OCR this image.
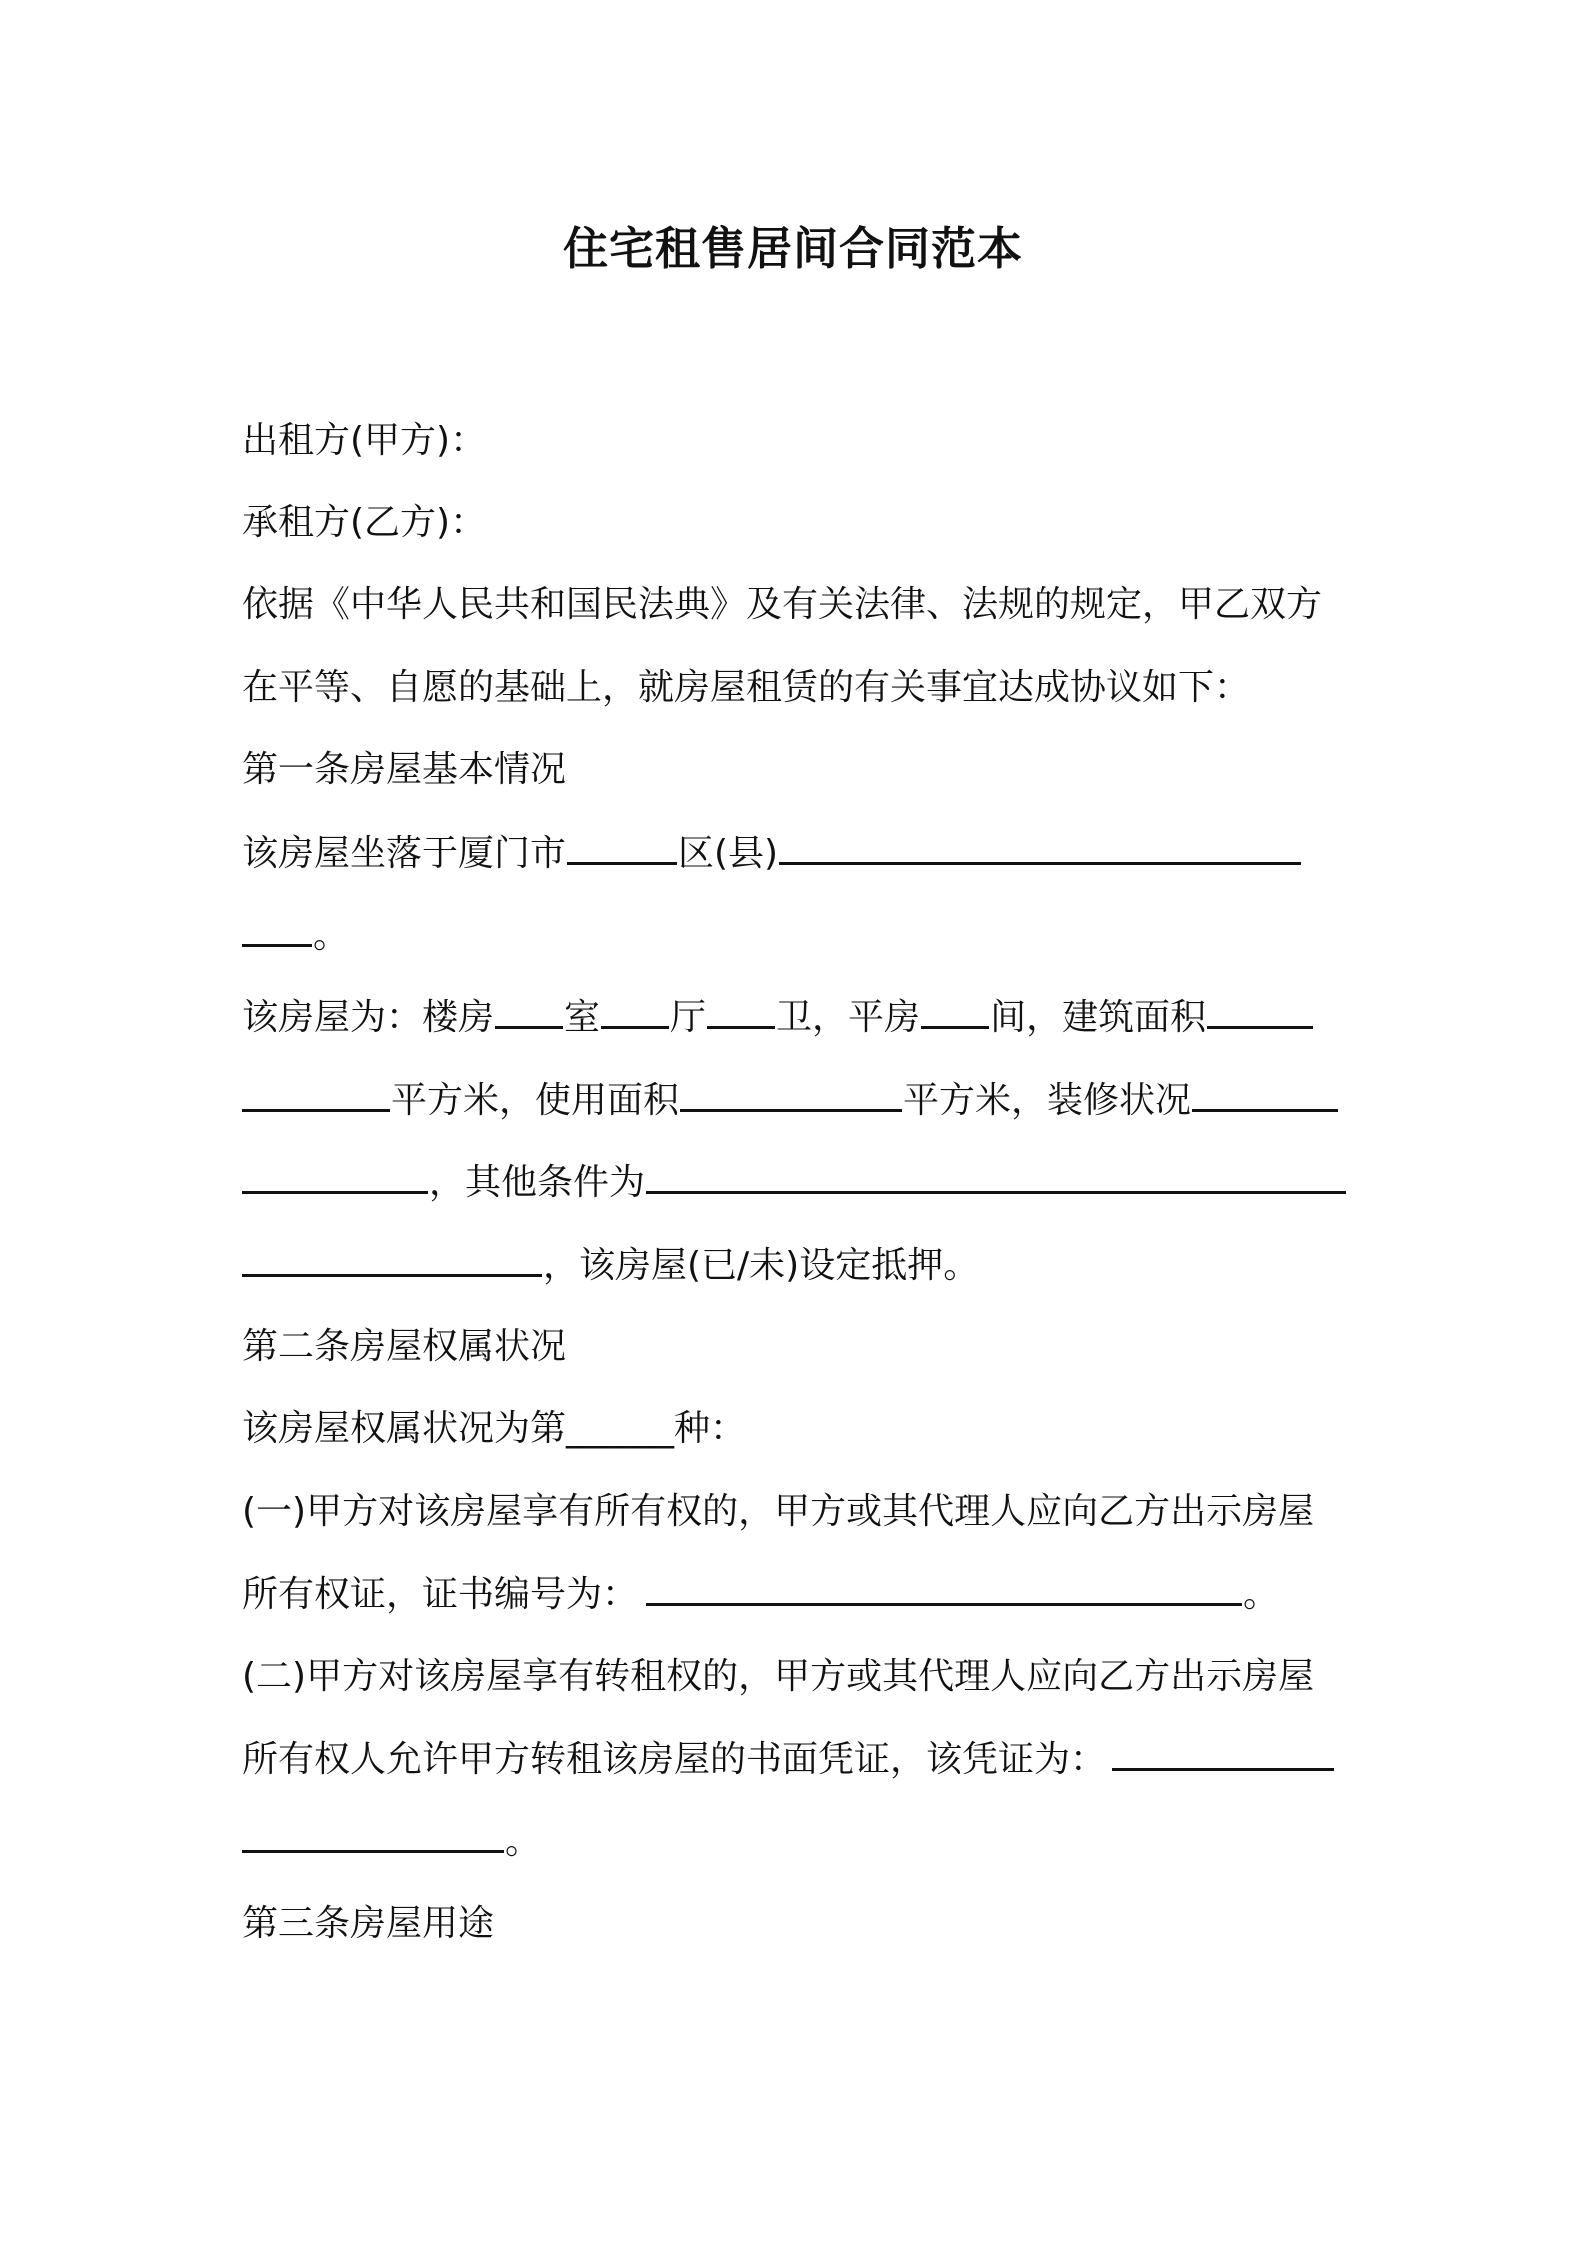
住宅租售居间合同范本
出租方(甲方)：
承租方(乙方)：
依据《中华人民共和国民法典》及有关法律、法规的规定，甲乙双方
在平等、自愿的基础上，就房屋租赁的有关事宜达成协议如下：
第一条房屋基本情况
该房屋坐落于厦门市	区(县)
。
该房屋为：楼房 室 厅 卫，平房 间，建筑面积
平方米，使用面积	平方米，装修状况
，其他条件为
，该房屋(已/未)设定抵押。
第二条房屋权属状况
该房屋权属状况为第______种：
(一)甲方对该房屋享有所有权的，甲方或其代理人应向乙方出示房屋
所有权证，证书编号为：	。
(二)甲方对该房屋享有转租权的，甲方或其代理人应向乙方出示房屋
所有权人允许甲方转租该房屋的书面凭证，该凭证为：
。
第三条房屋用途
